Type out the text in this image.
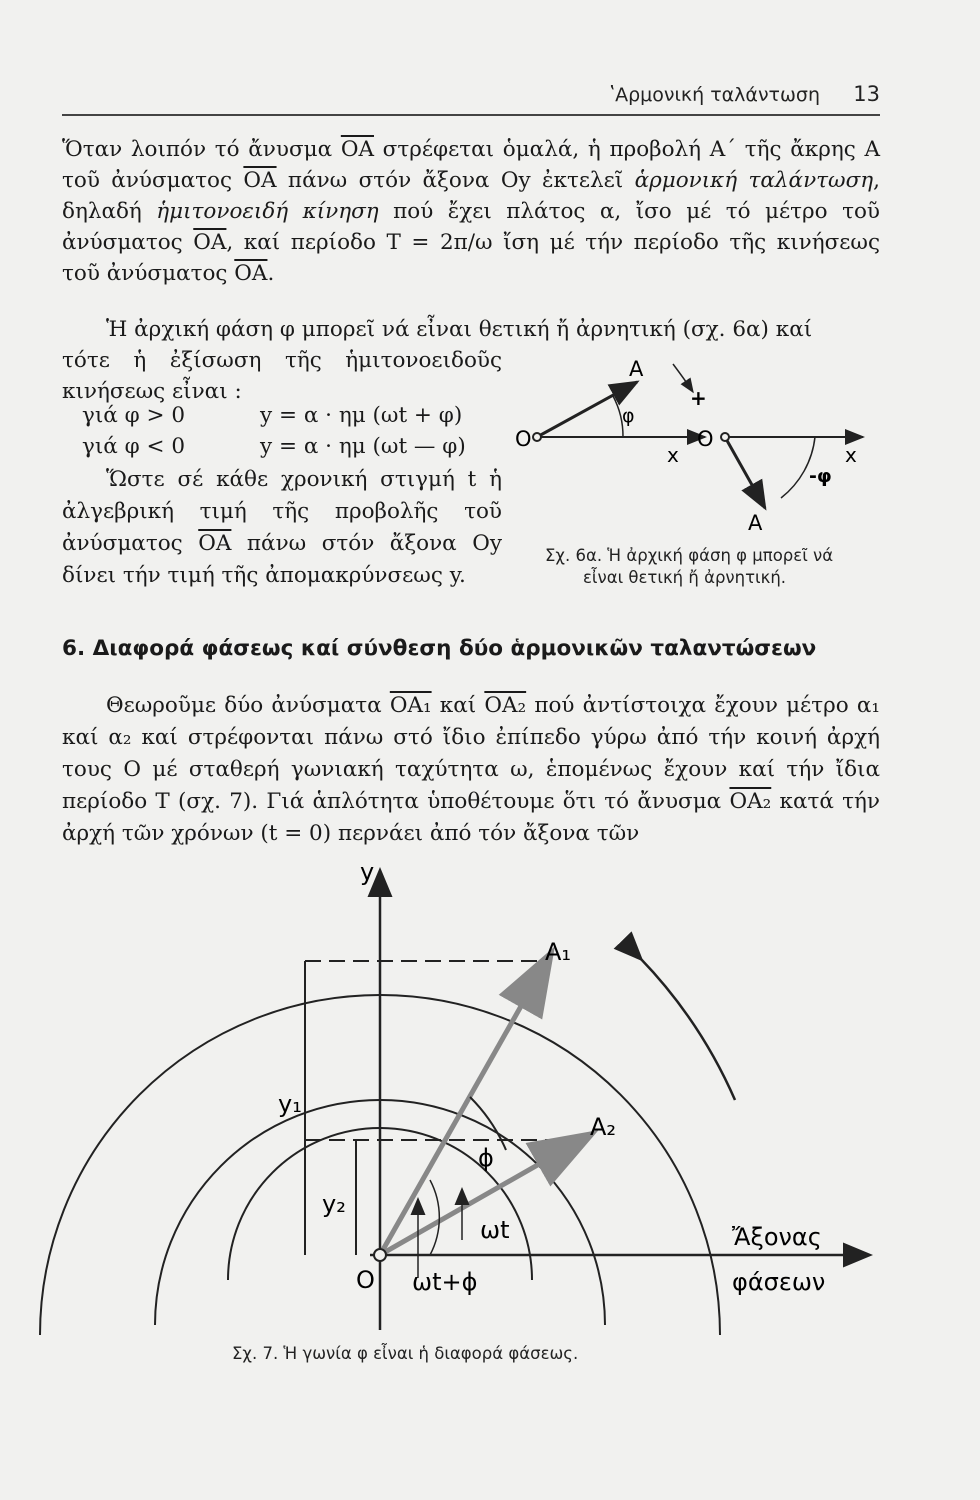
ʽΑρμονική ταλάντωση 13

Ὅταν λοιπόν τό ἄνυσμα $\overline{OA}$ στρέφεται ὁμαλά, ἡ προβολή Α΄ τῆς ἄκρης Α τοῦ ἀνύσματος $\overline{OA}$ πάνω στόν ἄξονα Oy ἐκτελεῖ ἁρμονική ταλάντωση, δηλαδή ἡμιτονοειδή κίνηση πού ἔχει πλάτος α, ἴσο μέ τό μέτρο τοῦ ἀνύσματος $\overline{OA}$, καί περίοδο Τ = 2π/ω ἴση μέ τήν περίοδο τῆς κινήσεως τοῦ ἀνύσματος $\overline{OA}$.

Ἡ ἀρχική φάση φ μπορεῖ νά εἶναι θετική ἤ ἀρνητική (σχ. 6α) καί

τότε ἡ ἐξίσωση τῆς ἡμιτονοειδοῦς κινήσεως εἶναι :

γιά φ > 0	y = α · ημ (ωt + φ)
γιά φ < 0	y = α · ημ (ωt — φ)

Ὥστε σέ κάθε χρονική στιγμή t ἡ ἀλγεβρική τιμή τῆς προβολῆς τοῦ ἀνύσματος $\overline{OA}$ πάνω στόν ἄξονα Oy δίνει τήν τιμή τῆς ἀπομακρύνσεως y.

O
A
φ
+
x
O
x
-φ
A
Σχ. 6α. Ἡ ἀρχική φάση φ μπορεῖ νά
εἶναι θετική ἤ ἀρνητική.
6. Διαφορά φάσεως καί σύνθεση δύο ἁρμονικῶν ταλαντώσεων

Θεωροῦμε δύο ἀνύσματα ΟΑ₁ καί ΟΑ₂ πού ἀντίστοιχα ἔχουν μέτρο α₁ καί α₂ καί στρέφονται πάνω στό ἴδιο ἐπίπεδο γύρω ἀπό τήν κοινή ἀρχή τους Ο μέ σταθερή γωνιακή ταχύτητα ω, ἑπομένως ἔχουν καί τήν ἴδια περίοδο Τ (σχ. 7). Γιά ἁπλότητα ὑποθέτουμε ὅτι τό ἄνυσμα ΟΑ₂ κατά τήν ἀρχή τῶν χρόνων (t = 0) περνάει ἀπό τόν ἄξονα τῶν

y
A₁
A₂
y₁
y₂
ϕ
ωt
O ωt+ϕ
Ἄξονας
φάσεων
Σχ. 7. Ἡ γωνία φ εἶναι ἡ διαφορά φάσεως.
